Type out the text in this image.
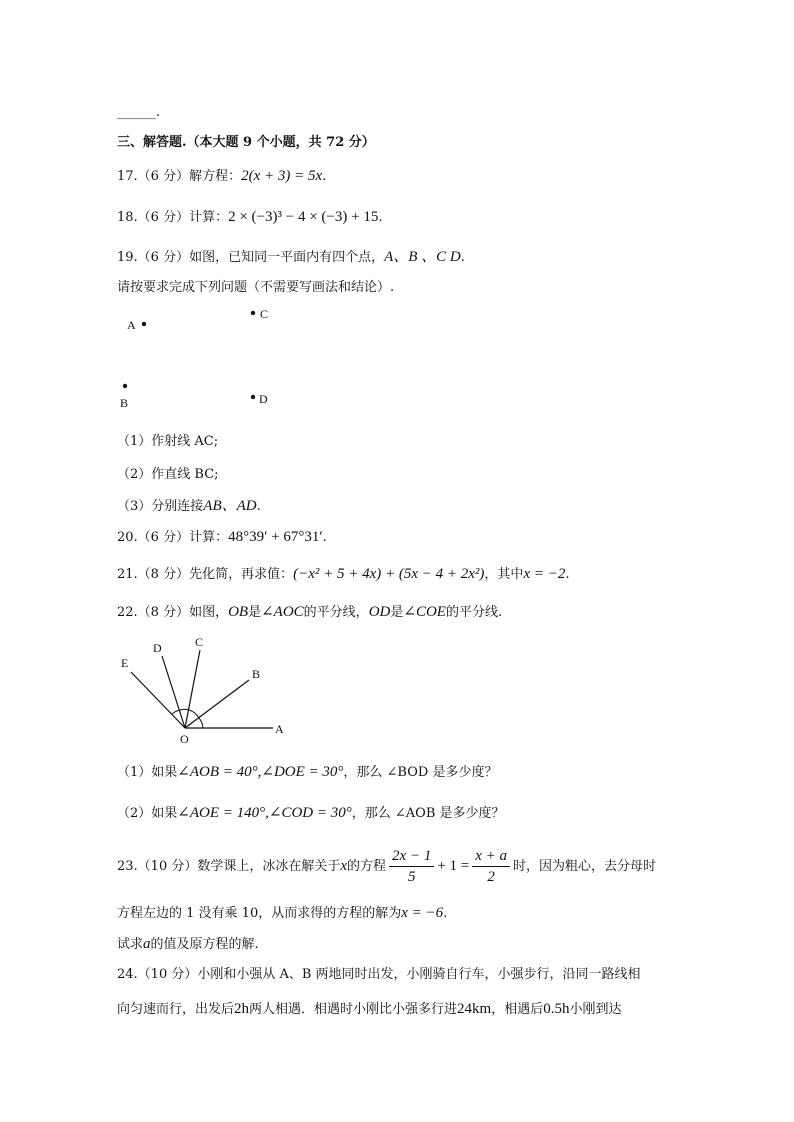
______.
三、解答题.（本大题 9 个小题，共 72 分）
17.（6 分）解方程：2(x + 3) = 5x.
18.（6 分）计算：2 × (−3)³ − 4 × (−3) + 15.
19.（6 分）如图，已知同一平面内有四个点，A、B 、C D.
请按要求完成下列问题（不需要写画法和结论）.
A
C
B	D
（1）作射线 AC;
（2）作直线 BC;
（3）分别连接AB、AD.
20.（6 分）计算：48°39′ + 67°31′.
21.（8 分）先化简，再求值：(−x² + 5 + 4x) + (5x − 4 + 2x²)，其中x = −2.
22.（8 分）如图，OB是∠AOC的平分线，OD是∠COE的平分线.
E
D	C
B
O
A
（1）如果∠AOB = 40°,∠DOE = 30°，那么 ∠BOD 是多少度？
（2）如果∠AOE = 140°,∠COD = 30°，那么 ∠AOB 是多少度？
23.（10 分）数学课上，冰冰在解关于x的方程 $\frac{2x - 1}{5} + 1 = \frac{x + a}{2}$ 时，因为粗心，去分母时
方程左边的 1 没有乘 10，从而求得的方程的解为x = −6.
试求a的值及原方程的解.
24.（10 分）小刚和小强从 A、B 两地同时出发，小刚骑自行车，小强步行，沿同一路线相
向匀速而行，出发后2h两人相遇．相遇时小刚比小强多行进24km，相遇后0.5h小刚到达
